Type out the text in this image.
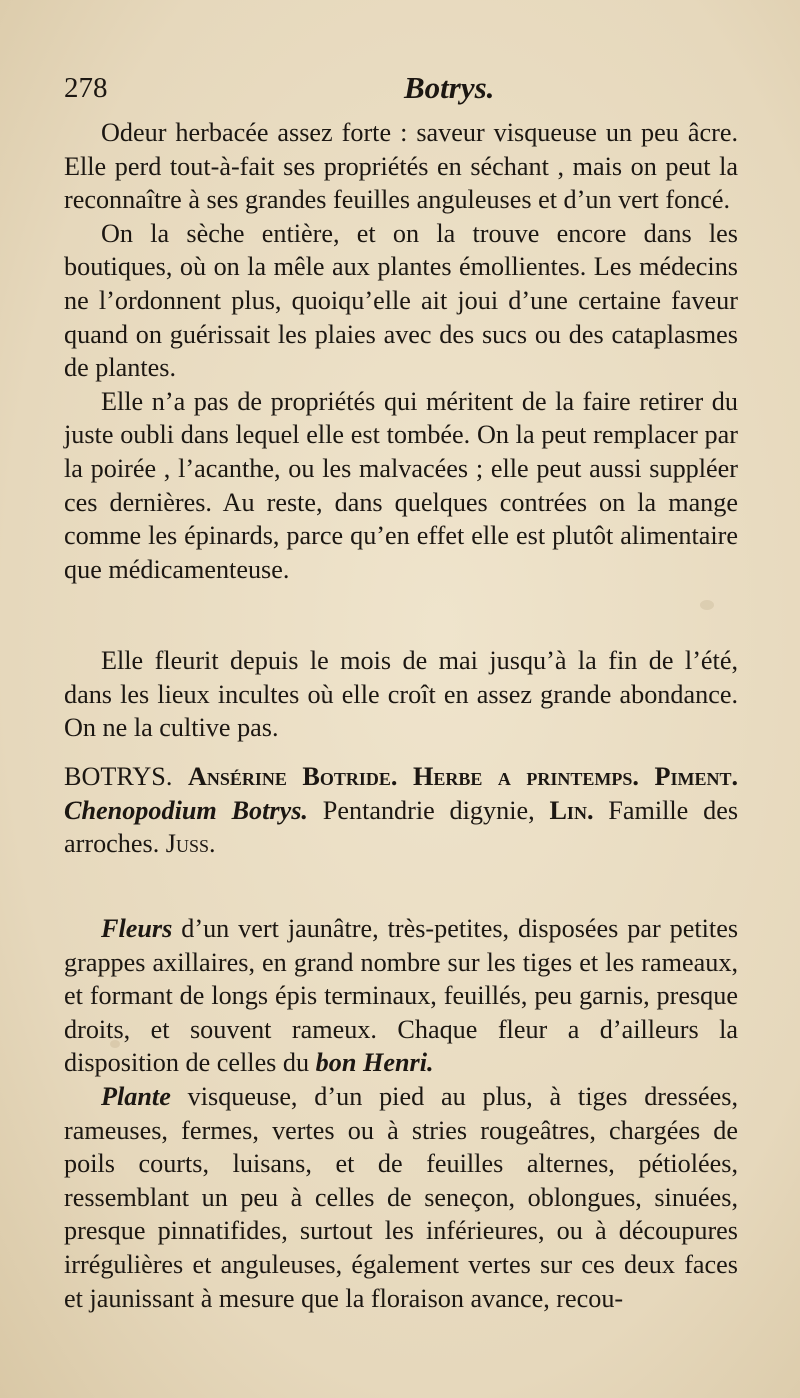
278	Botrys.

Odeur herbacée assez forte : saveur visqueuse un peu âcre. Elle perd tout-à-fait ses propriétés en séchant , mais on peut la reconnaître à ses grandes feuilles anguleuses et d’un vert foncé.

On la sèche entière, et on la trouve encore dans les boutiques, où on la mêle aux plantes émollientes. Les médecins ne l’ordonnent plus, quoiqu’elle ait joui d’une certaine faveur quand on guérissait les plaies avec des sucs ou des cataplasmes de plantes.

Elle n’a pas de propriétés qui méritent de la faire retirer du juste oubli dans lequel elle est tombée. On la peut remplacer par la poirée , l’acanthe, ou les malvacées ; elle peut aussi suppléer ces dernières. Au reste, dans quelques contrées on la mange comme les épinards, parce qu’en effet elle est plutôt alimentaire que médicamenteuse.

Elle fleurit depuis le mois de mai jusqu’à la fin de l’été, dans les lieux incultes où elle croît en assez grande abondance. On ne la cultive pas.

BOTRYS. Ansérine Botride. Herbe a printemps. Piment. Chenopodium Botrys. Pentandrie digynie, Lin. Famille des arroches. Juss.

Fleurs d’un vert jaunâtre, très-petites, disposées par petites grappes axillaires, en grand nombre sur les tiges et les rameaux, et formant de longs épis terminaux, feuillés, peu garnis, presque droits, et souvent rameux. Chaque fleur a d’ailleurs la disposition de celles du bon Henri.

Plante visqueuse, d’un pied au plus, à tiges dressées, rameuses, fermes, vertes ou à stries rougeâtres, chargées de poils courts, luisans, et de feuilles alternes, pétiolées, ressemblant un peu à celles de seneçon, oblongues, sinuées, presque pinnatifides, surtout les inférieures, ou à découpures irrégulières et anguleuses, également vertes sur ces deux faces et jaunissant à mesure que la floraison avance, recou-
